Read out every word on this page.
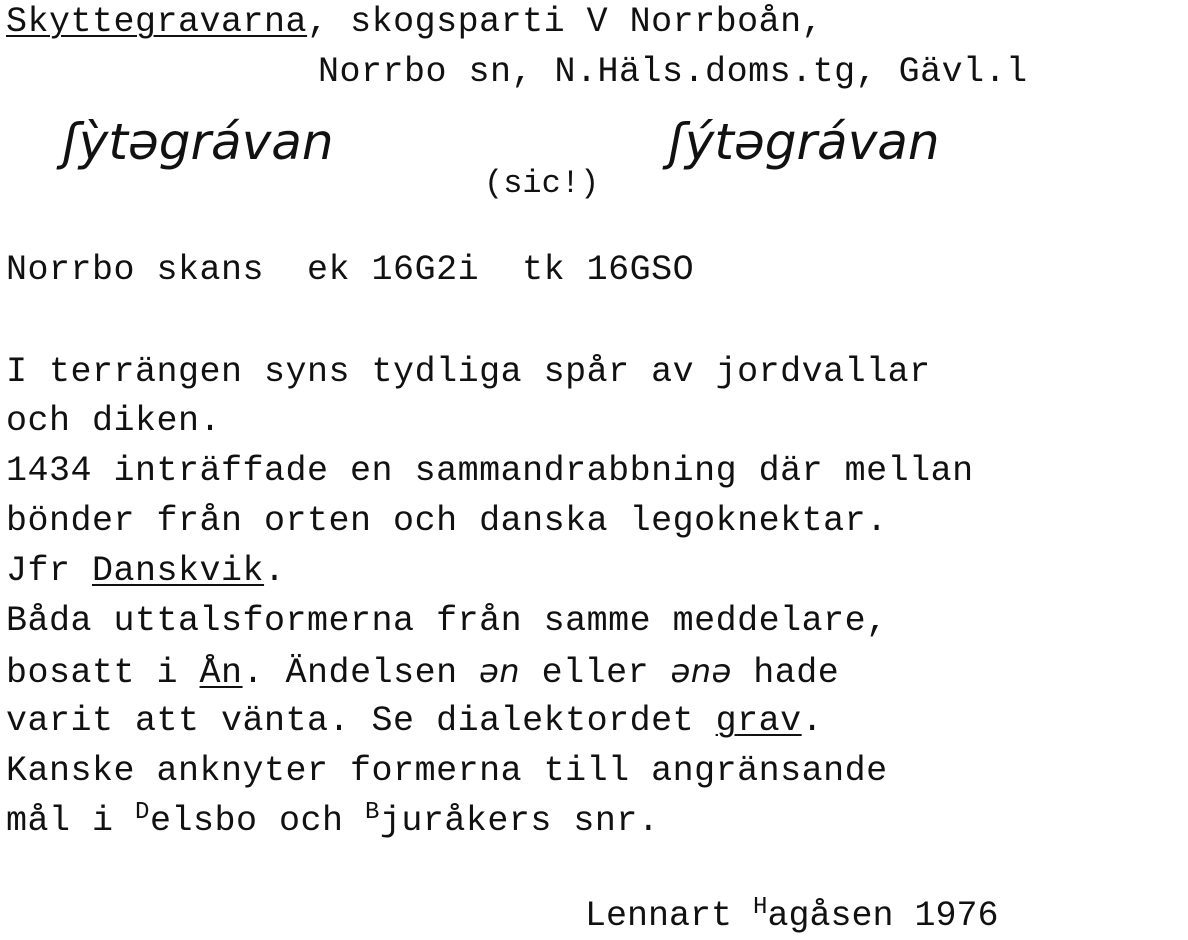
Skyttegravarna, skogsparti V Norrboån,
Norrbo sn, N.Häls.doms.tg, Gävl.l
ʃỳtəgrávan
(sic!)
ʃýtəgrávan
Norrbo skans  ek 16G2i  tk 16GSO
I terrängen syns tydliga spår av jordvallar
och diken.
1434 inträffade en sammandrabbning där mellan
bönder från orten och danska legoknektar.
Jfr Danskvik.
Båda uttalsformerna från samme meddelare,
bosatt i Ån. Ändelsen ən eller ənə hade
varit att vänta. Se dialektordet grav.
Kanske anknyter formerna till angränsande
mål i $^D$elsbo och $^B$juråkers snr.
Lennart $^H$agåsen 1976
